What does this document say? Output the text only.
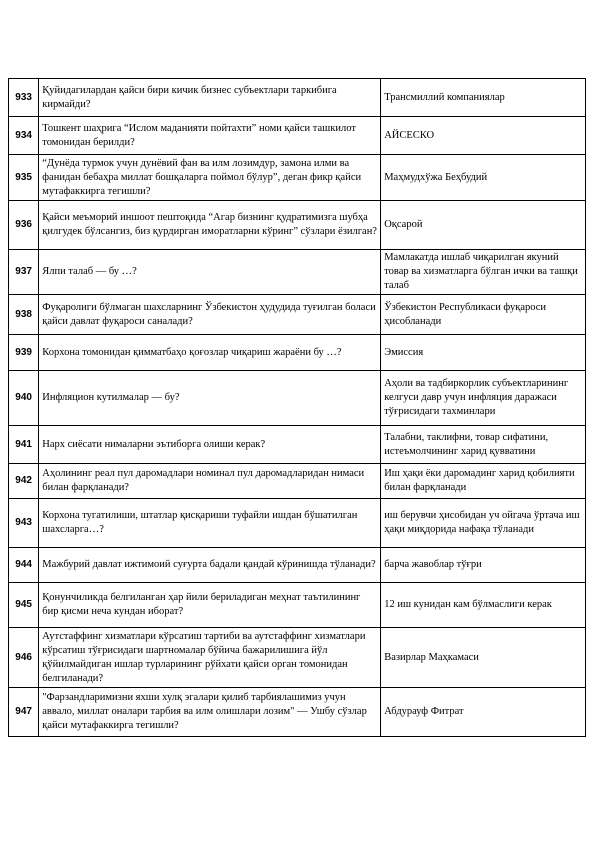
933	Қуйидагилардан қайси бири кичик бизнес субъектлари таркибига кирмайди?	Трансмиллий компаниялар
934	Тошкент шаҳрига “Ислом маданияти пойтахти” номи қайси ташкилот томонидан берилди?	АЙСЕСКО
935	“Дунёда турмок учун дунёвий фан ва илм лозимдур, замона илми ва фанидан бебаҳра миллат бошқаларга поймол бўлур”, деган фикр қайси мутафаккирга тегишли?	Маҳмудхўжа Беҳбудий
936	Қайси меъморий иншоот пештоқида “Агар бизнинг қудратимизга шубҳа қилгудек бўлсангиз, биз қурдирган иморатларни кўринг” сўзлари ёзилган?	Оқсарой
937	Ялпи талаб — бу …?	Мамлакатда ишлаб чиқарилган якуний товар ва хизматларга бўлган ички ва ташқи талаб
938	Фуқаролиги бўлмаган шахсларнинг Ўзбекистон ҳудудида туғилган боласи қайси давлат фуқароси саналади?	Ўзбекистон Республикаси фуқароси ҳисобланади
939	Корхона томонидан қимматбаҳо қоғозлар чиқариш жараёни бу …?	Эмиссия
940	Инфляцион кутилмалар — бу?	Аҳоли ва тадбиркорлик субъектларининг келгуси давр учун инфляция даражаси тўғрисидаги тахминлари
941	Нарх сиёсати нималарни эътиборга олиши керак?	Талабни, таклифни, товар сифатини, истеъмолчининг харид қувватини
942	Аҳолининг реал пул даромадлари номинал пул даромадларидан нимаси билан фарқланади?	Иш ҳақи ёки даромадинг харид қобилияти билан фарқланади
943	Корхона тугатилиши, штатлар қисқариши туфайли ишдан бўшатилган шахсларга…?	иш берувчи ҳисобидан уч ойгача ўртача иш ҳақи миқдорида нафақа тўланади
944	Мажбурий давлат ижтимоий суғурта бадали қандай кўринишда тўланади?	барча жавоблар тўғри
945	Қонунчиликда белгиланган ҳар йили бериладиган меҳнат таътилининг бир қисми неча кундан иборат?	12 иш кунидан кам бўлмаслиги керак
946	Аутстаффинг хизматлари кўрсатиш тартиби ва аутстаффинг хизматлари кўрсатиш тўғрисидаги шартномалар бўйича бажарилишига йўл қўйилмайдиган ишлар турларининг рўйхати қайси орган томонидан белгиланади?	Вазирлар Маҳкамаси
947	"Фарзандларимизни яхши хулқ эгалари қилиб тарбиялашимиз учун аввало, миллат оналари тарбия ва илм олишлари лозим" — Ушбу сўзлар қайси мутафаккирга тегишли?	Абдурауф Фитрат
